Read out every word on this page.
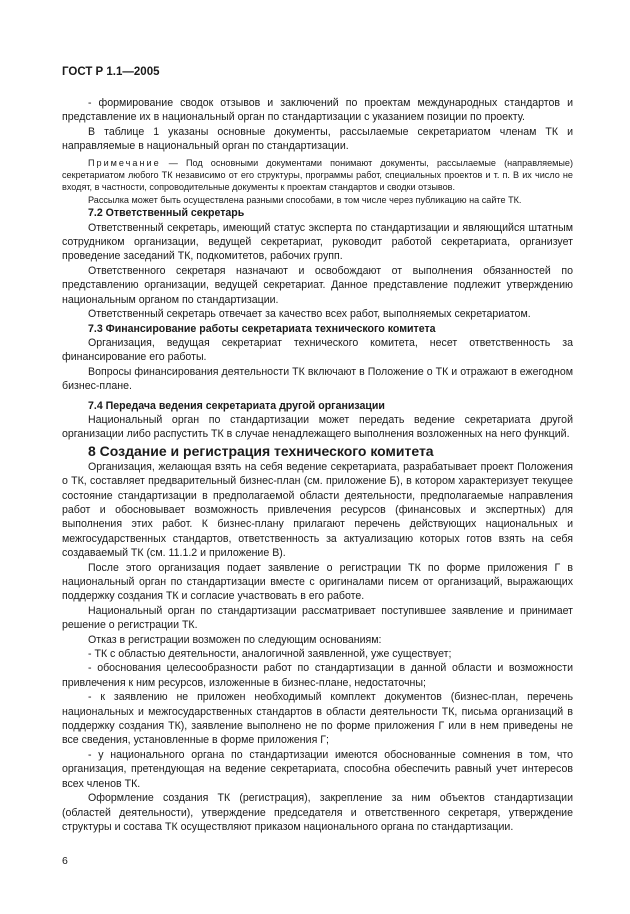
ГОСТ Р 1.1—2005

- формирование сводок отзывов и заключений по проектам международных стандартов и представление их в национальный орган по стандартизации с указанием позиции по проекту.

В таблице 1 указаны основные документы, рассылаемые секретариатом членам ТК и направляемые в национальный орган по стандартизации.

Примечание — Под основными документами понимают документы, рассылаемые (направляемые) секретариатом любого ТК независимо от его структуры, программы работ, специальных проектов и т. п. В их число не входят, в частности, сопроводительные документы к проектам стандартов и сводки отзывов.

Рассылка может быть осуществлена разными способами, в том числе через публикацию на сайте ТК.

7.2 Ответственный секретарь

Ответственный секретарь, имеющий статус эксперта по стандартизации и являющийся штатным сотрудником организации, ведущей секретариат, руководит работой секретариата, организует проведение заседаний ТК, подкомитетов, рабочих групп.

Ответственного секретаря назначают и освобождают от выполнения обязанностей по представлению организации, ведущей секретариат. Данное представление подлежит утверждению национальным органом по стандартизации.

Ответственный секретарь отвечает за качество всех работ, выполняемых секретариатом.

7.3 Финансирование работы секретариата технического комитета

Организация, ведущая секретариат технического комитета, несет ответственность за финансирование его работы.

Вопросы финансирования деятельности ТК включают в Положение о ТК и отражают в ежегодном бизнес-плане.

7.4 Передача ведения секретариата другой организации

Национальный орган по стандартизации может передать ведение секретариата другой организации либо распустить ТК в случае ненадлежащего выполнения возложенных на него функций.

8 Создание и регистрация технического комитета

Организация, желающая взять на себя ведение секретариата, разрабатывает проект Положения о ТК, составляет предварительный бизнес-план (см. приложение Б), в котором характеризует текущее состояние стандартизации в предполагаемой области деятельности, предполагаемые направления работ и обосновывает возможность привлечения ресурсов (финансовых и экспертных) для выполнения этих работ. К бизнес-плану прилагают перечень действующих национальных и межгосударственных стандартов, ответственность за актуализацию которых готов взять на себя создаваемый ТК (см. 11.1.2 и приложение В).

После этого организация подает заявление о регистрации ТК по форме приложения Г в национальный орган по стандартизации вместе с оригиналами писем от организаций, выражающих поддержку создания ТК и согласие участвовать в его работе.

Национальный орган по стандартизации рассматривает поступившее заявление и принимает решение о регистрации ТК.

Отказ в регистрации возможен по следующим основаниям:

- ТК с областью деятельности, аналогичной заявленной, уже существует;

- обоснования целесообразности работ по стандартизации в данной области и возможности привлечения к ним ресурсов, изложенные в бизнес-плане, недостаточны;

- к заявлению не приложен необходимый комплект документов (бизнес-план, перечень национальных и межгосударственных стандартов в области деятельности ТК, письма организаций в поддержку создания ТК), заявление выполнено не по форме приложения Г или в нем приведены не все сведения, установленные в форме приложения Г;

- у национального органа по стандартизации имеются обоснованные сомнения в том, что организация, претендующая на ведение секретариата, способна обеспечить равный учет интересов всех членов ТК.

Оформление создания ТК (регистрация), закрепление за ним объектов стандартизации (областей деятельности), утверждение председателя и ответственного секретаря, утверждение структуры и состава ТК осуществляют приказом национального органа по стандартизации.

6
